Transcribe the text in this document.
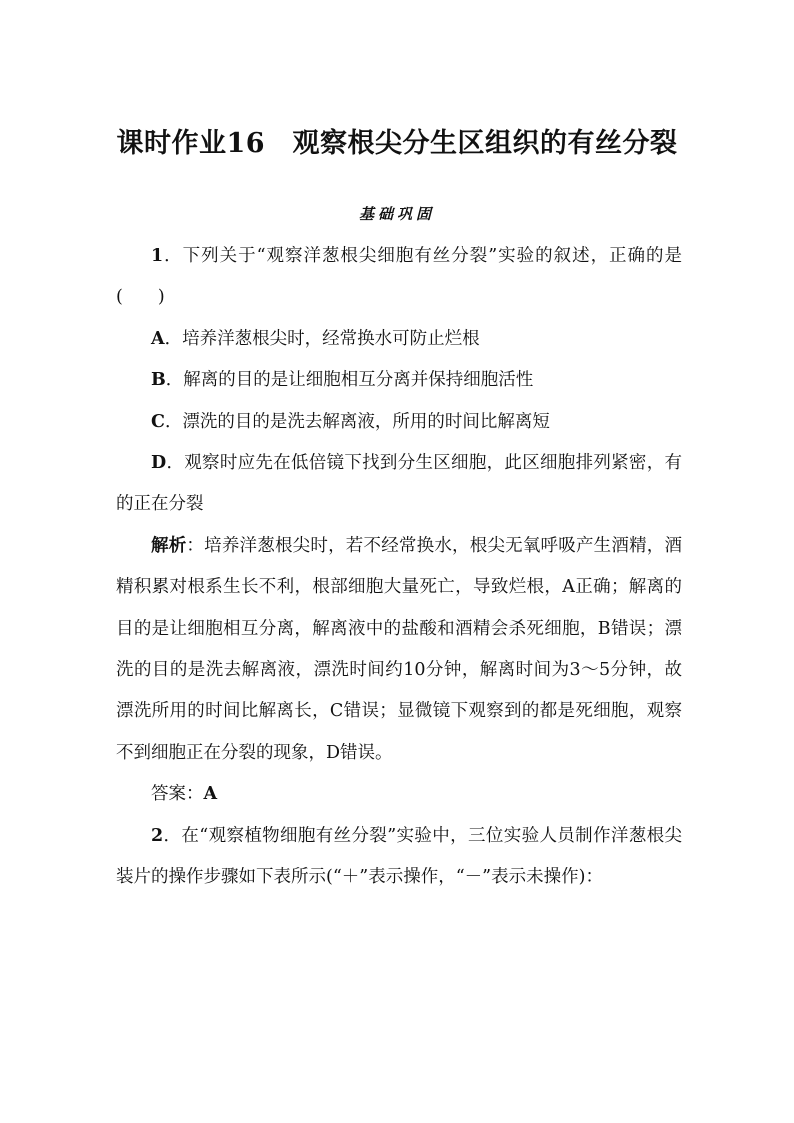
课时作业16　观察根尖分生区组织的有丝分裂
基础巩固

1．下列关于“观察洋葱根尖细胞有丝分裂”实验的叙述，正确的是(　　)

A．培养洋葱根尖时，经常换水可防止烂根

B．解离的目的是让细胞相互分离并保持细胞活性

C．漂洗的目的是洗去解离液，所用的时间比解离短

D．观察时应先在低倍镜下找到分生区细胞，此区细胞排列紧密，有的正在分裂

解析：培养洋葱根尖时，若不经常换水，根尖无氧呼吸产生酒精，酒精积累对根系生长不利，根部细胞大量死亡，导致烂根，A正确；解离的目的是让细胞相互分离，解离液中的盐酸和酒精会杀死细胞，B错误；漂洗的目的是洗去解离液，漂洗时间约10分钟，解离时间为3～5分钟，故漂洗所用的时间比解离长，C错误；显微镜下观察到的都是死细胞，观察不到细胞正在分裂的现象，D错误。

答案：A

2．在“观察植物细胞有丝分裂”实验中，三位实验人员制作洋葱根尖装片的操作步骤如下表所示(“＋”表示操作，“－”表示未操作)：
